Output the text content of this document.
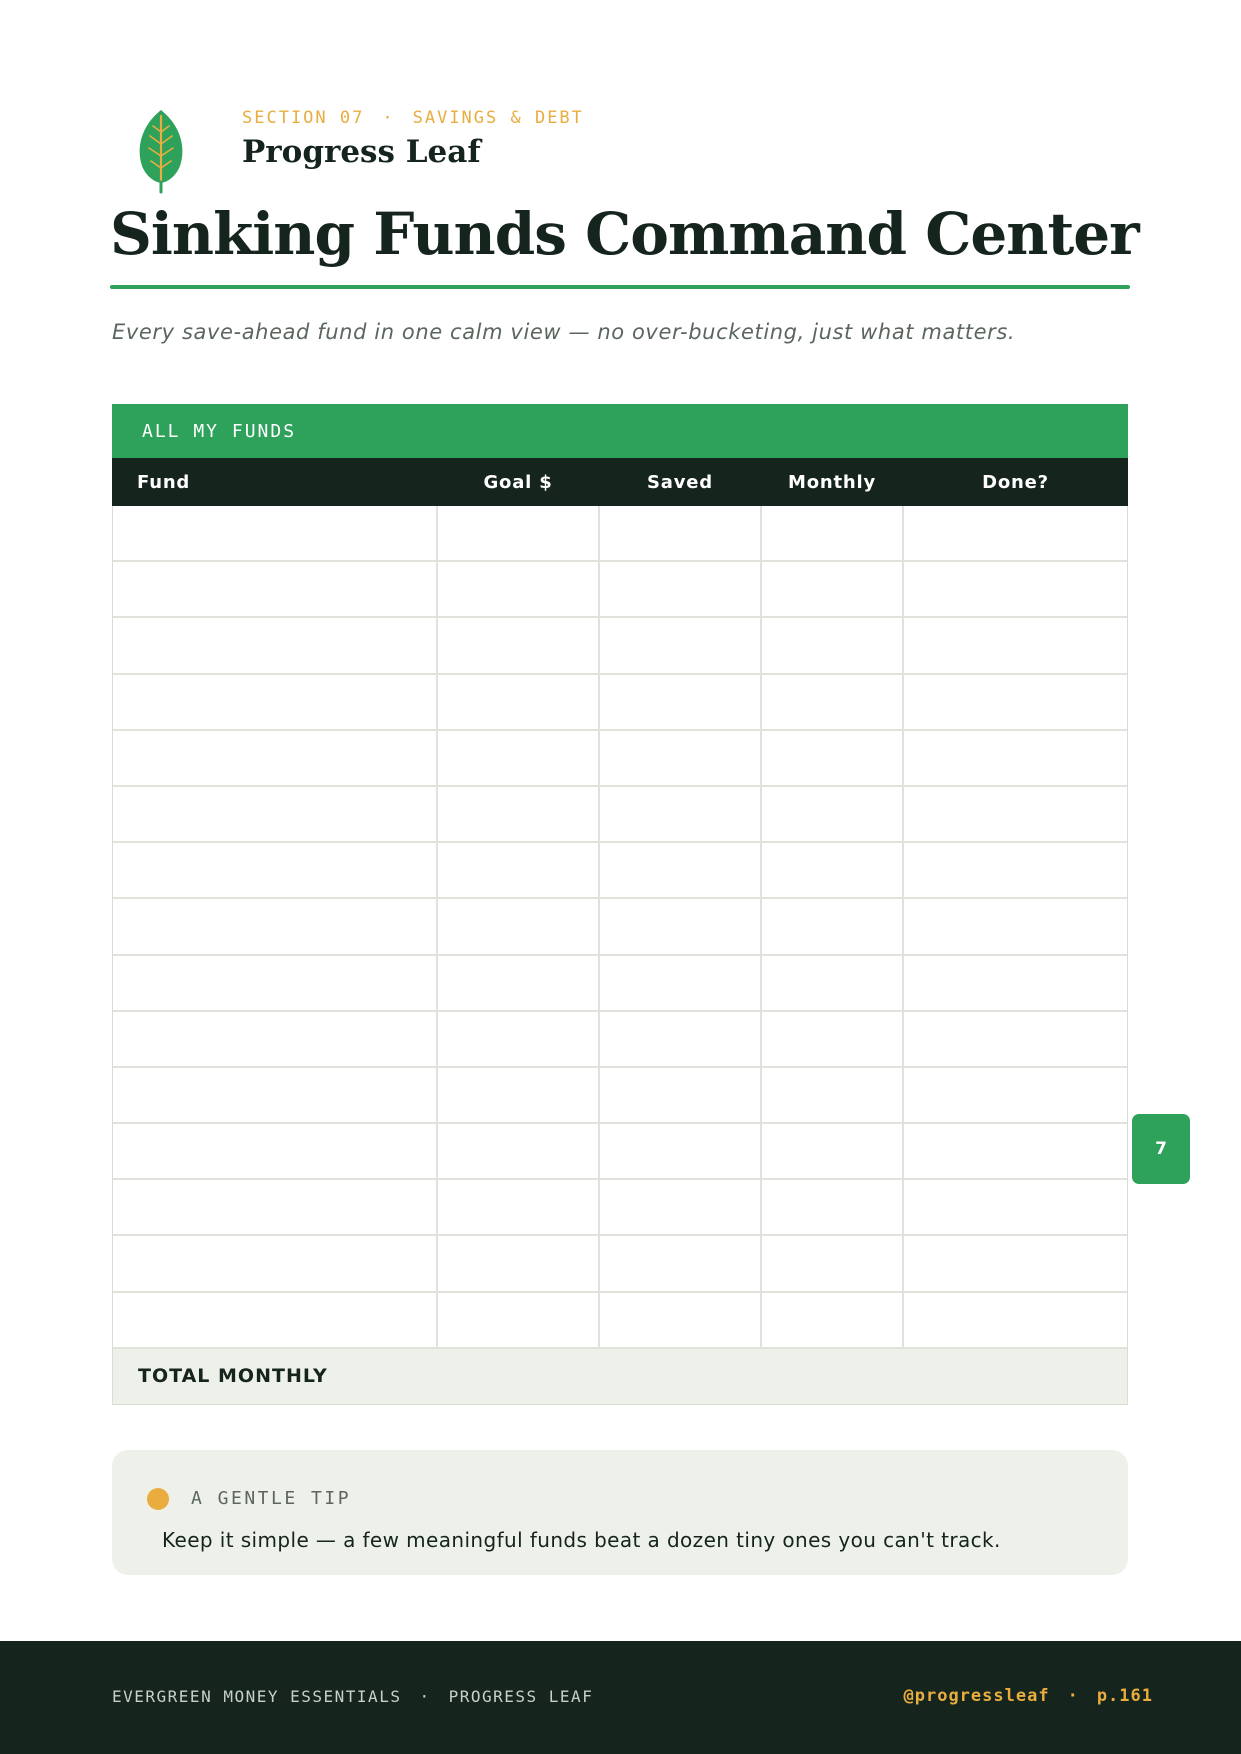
SECTION 07 · SAVINGS & DEBT
Progress Leaf
Sinking Funds Command Center

Every save-ahead fund in one calm view — no over-bucketing, just what matters.

ALL MY FUNDS
Fund	Goal $	Saved	Monthly	Done?
TOTAL MONTHLY
7
A GENTLE TIP
Keep it simple — a few meaningful funds beat a dozen tiny ones you can't track.
EVERGREEN MONEY ESSENTIALS · PROGRESS LEAF	@progressleaf · p.161
